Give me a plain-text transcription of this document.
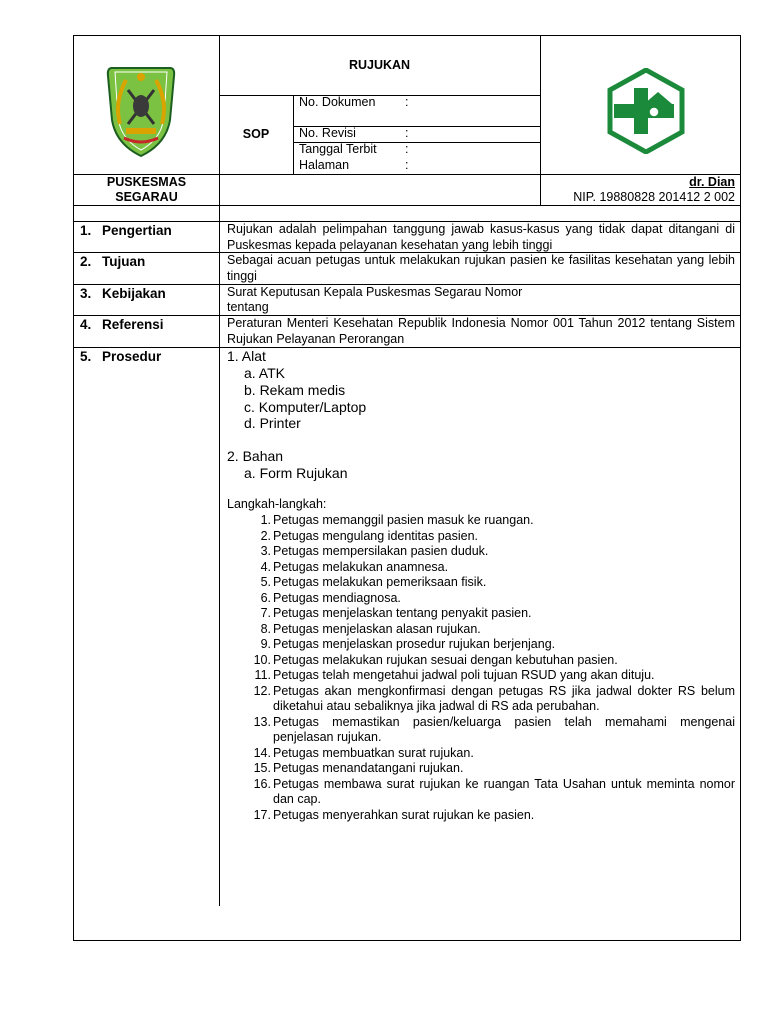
RUJUKAN
SOP
No. Dokumen :
No. Revisi	:
Tanggal Terbit :
Halaman	:
PUSKESMAS
SEGARAU
dr. Dian
NIP. 19880828 201412 2 002
1. Pengertian	Rujukan adalah pelimpahan tanggung jawab kasus-kasus yang tidak dapat ditangani di Puskesmas kepada pelayanan kesehatan yang lebih tinggi
2. Tujuan	Sebagai acuan petugas untuk melakukan rujukan pasien ke fasilitas kesehatan yang lebih tinggi
3. Kebijakan	Surat Keputusan Kepala Puskesmas Segarau Nomor
tentang
4. Referensi	Peraturan Menteri Kesehatan Republik Indonesia Nomor 001 Tahun 2012 tentang Sistem Rujukan Pelayanan Perorangan
5. Prosedur	1. Alat
a. ATK
b. Rekam medis
c. Komputer/Laptop
d. Printer
2. Bahan
a. Form Rujukan
Langkah-langkah:
1. Petugas memanggil pasien masuk ke ruangan.
2. Petugas mengulang identitas pasien.
3. Petugas mempersilakan pasien duduk.
4. Petugas melakukan anamnesa.
5. Petugas melakukan pemeriksaan fisik.
6. Petugas mendiagnosa.
7. Petugas menjelaskan tentang penyakit pasien.
8. Petugas menjelaskan alasan rujukan.
9. Petugas menjelaskan prosedur rujukan berjenjang.
10. Petugas melakukan rujukan sesuai dengan kebutuhan pasien.
11. Petugas telah mengetahui jadwal poli tujuan RSUD yang akan dituju.
12. Petugas akan mengkonfirmasi dengan petugas RS jika jadwal dokter RS belum diketahui atau sebaliknya jika jadwal di RS ada perubahan.
13. Petugas memastikan pasien/keluarga pasien telah memahami mengenai penjelasan rujukan.
14. Petugas membuatkan surat rujukan.
15. Petugas menandatangani rujukan.
16. Petugas membawa surat rujukan ke ruangan Tata Usahan untuk meminta nomor dan cap.
17. Petugas menyerahkan surat rujukan ke pasien.
